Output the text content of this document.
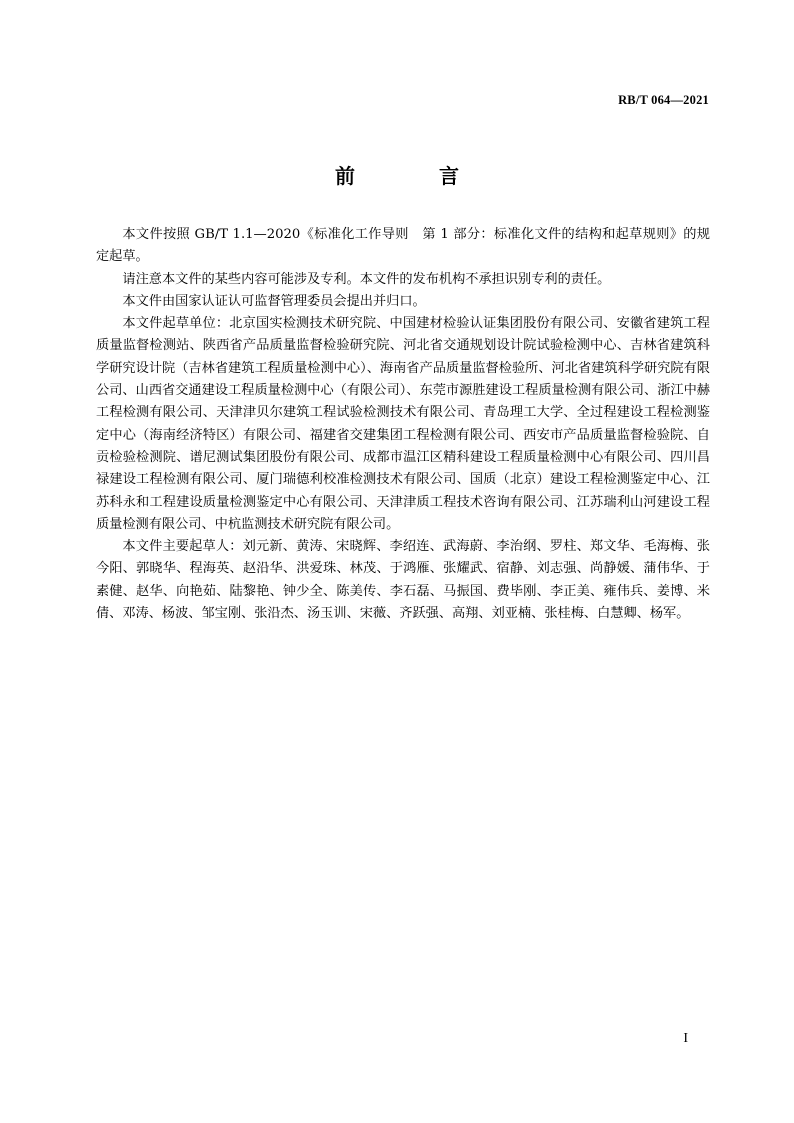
RB/T 064—2021
前　言

本文件按照 GB/T 1.1—2020《标准化工作导则　第 1 部分：标准化文件的结构和起草规则》的规定起草。

请注意本文件的某些内容可能涉及专利。本文件的发布机构不承担识别专利的责任。

本文件由国家认证认可监督管理委员会提出并归口。

本文件起草单位：北京国实检测技术研究院、中国建材检验认证集团股份有限公司、安徽省建筑工程质量监督检测站、陕西省产品质量监督检验研究院、河北省交通规划设计院试验检测中心、吉林省建筑科学研究设计院（吉林省建筑工程质量检测中心）、海南省产品质量监督检验所、河北省建筑科学研究院有限公司、山西省交通建设工程质量检测中心（有限公司）、东莞市源胜建设工程质量检测有限公司、浙江中赫工程检测有限公司、天津津贝尔建筑工程试验检测技术有限公司、青岛理工大学、全过程建设工程检测鉴定中心（海南经济特区）有限公司、福建省交建集团工程检测有限公司、西安市产品质量监督检验院、自贡检验检测院、谱尼测试集团股份有限公司、成都市温江区精科建设工程质量检测中心有限公司、四川昌禄建设工程检测有限公司、厦门瑞德利校准检测技术有限公司、国质（北京）建设工程检测鉴定中心、江苏科永和工程建设质量检测鉴定中心有限公司、天津津质工程技术咨询有限公司、江苏瑞利山河建设工程质量检测有限公司、中杭监测技术研究院有限公司。

本文件主要起草人：刘元新、黄涛、宋晓辉、李绍连、武海蔚、李治纲、罗柱、郑文华、毛海梅、张今阳、郭晓华、程海英、赵沿华、洪爱珠、林茂、于鸿雁、张耀武、宿静、刘志强、尚静媛、蒲伟华、于素健、赵华、向艳茹、陆黎艳、钟少全、陈美传、李石磊、马振国、费毕刚、李正美、雍伟兵、姜博、米倩、邓涛、杨波、邹宝刚、张沿杰、汤玉训、宋薇、齐跃强、高翔、刘亚楠、张桂梅、白慧卿、杨军。

I
